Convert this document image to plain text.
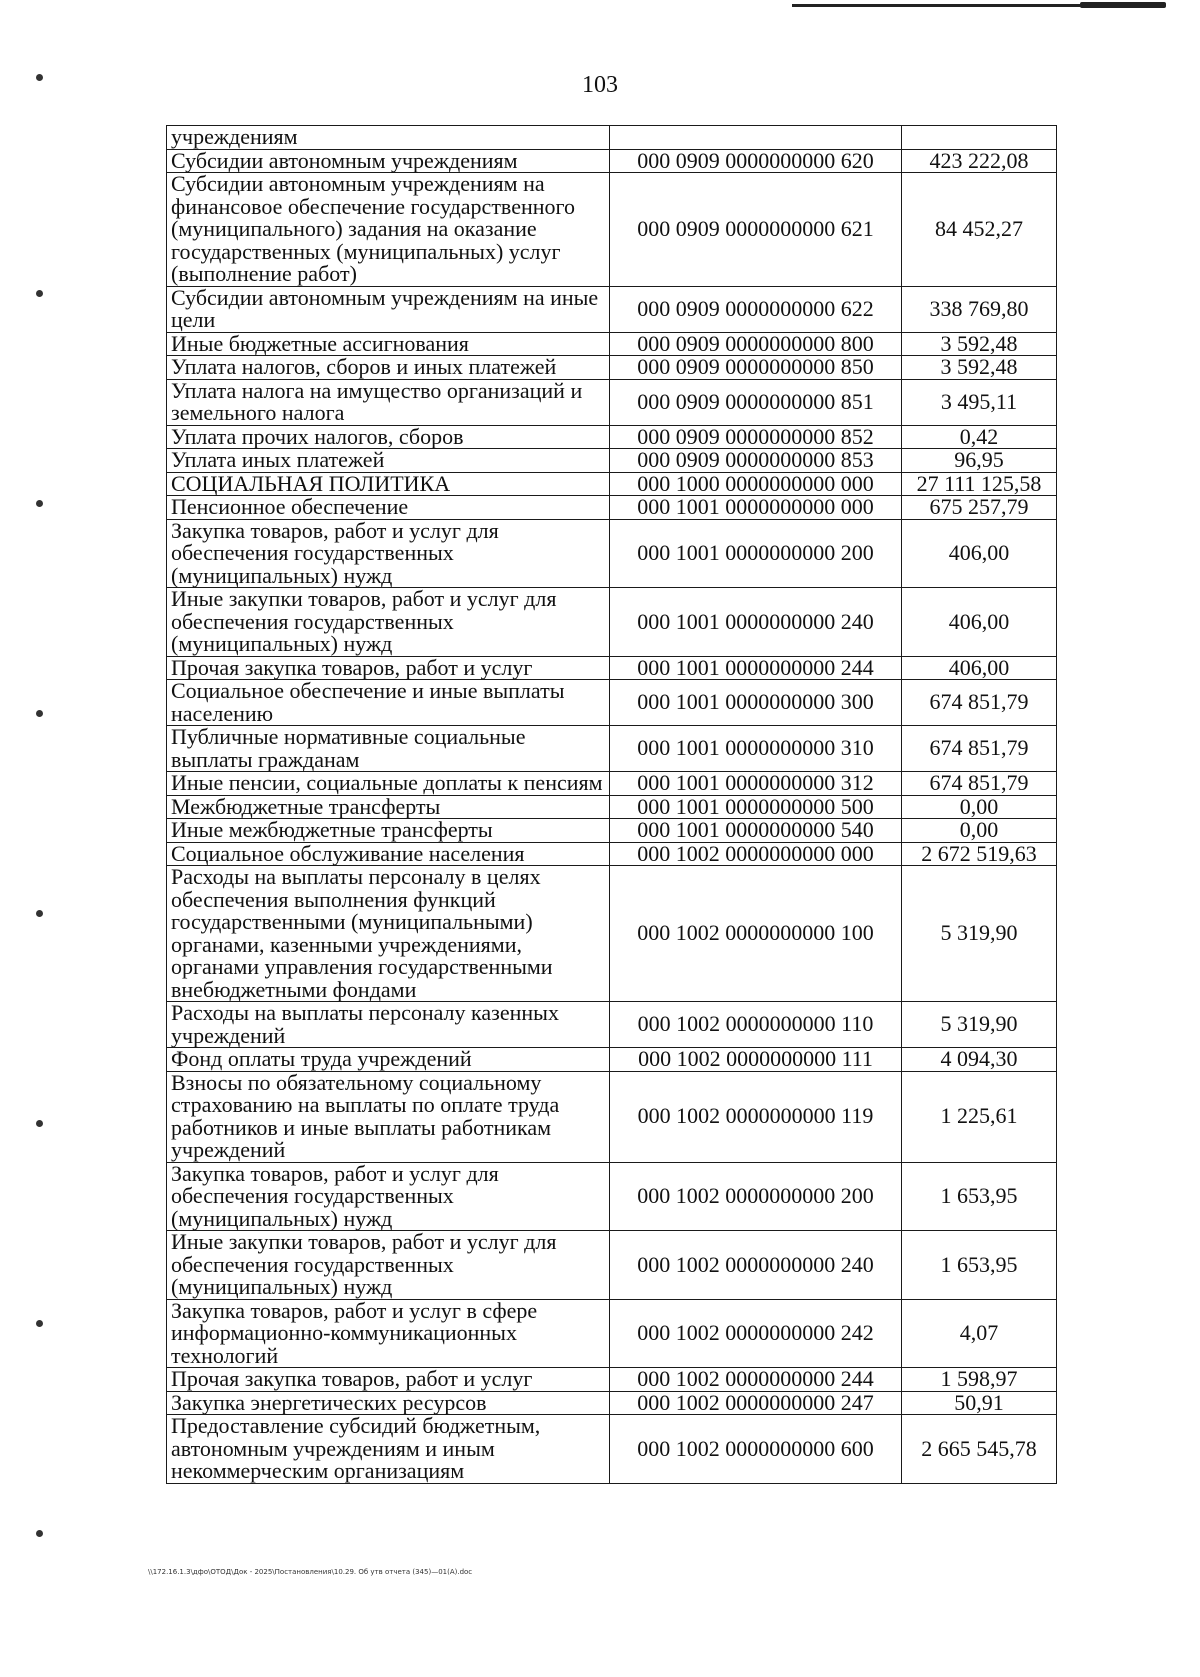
103
учреждениям		
Субсидии автономным учреждениям	000 0909 0000000000 620	423 222,08
Субсидии автономным учреждениям на финансовое обеспечение государственного (муниципального) задания на оказание государственных (муниципальных) услуг (выполнение работ)	000 0909 0000000000 621	84 452,27
Субсидии автономным учреждениям на иные цели	000 0909 0000000000 622	338 769,80
Иные бюджетные ассигнования	000 0909 0000000000 800	3 592,48
Уплата налогов, сборов и иных платежей	000 0909 0000000000 850	3 592,48
Уплата налога на имущество организаций и земельного налога	000 0909 0000000000 851	3 495,11
Уплата прочих налогов, сборов	000 0909 0000000000 852	0,42
Уплата иных платежей	000 0909 0000000000 853	96,95
СОЦИАЛЬНАЯ ПОЛИТИКА	000 1000 0000000000 000	27 111 125,58
Пенсионное обеспечение	000 1001 0000000000 000	675 257,79
Закупка товаров, работ и услуг для обеспечения государственных (муниципальных) нужд	000 1001 0000000000 200	406,00
Иные закупки товаров, работ и услуг для обеспечения государственных (муниципальных) нужд	000 1001 0000000000 240	406,00
Прочая закупка товаров, работ и услуг	000 1001 0000000000 244	406,00
Социальное обеспечение и иные выплаты населению	000 1001 0000000000 300	674 851,79
Публичные нормативные социальные выплаты гражданам	000 1001 0000000000 310	674 851,79
Иные пенсии, социальные доплаты к пенсиям	000 1001 0000000000 312	674 851,79
Межбюджетные трансферты	000 1001 0000000000 500	0,00
Иные межбюджетные трансферты	000 1001 0000000000 540	0,00
Социальное обслуживание населения	000 1002 0000000000 000	2 672 519,63
Расходы на выплаты персоналу в целях обеспечения выполнения функций государственными (муниципальными) органами, казенными учреждениями, органами управления государственными внебюджетными фондами	000 1002 0000000000 100	5 319,90
Расходы на выплаты персоналу казенных учреждений	000 1002 0000000000 110	5 319,90
Фонд оплаты труда учреждений	000 1002 0000000000 111	4 094,30
Взносы по обязательному социальному страхованию на выплаты по оплате труда работников и иные выплаты работникам учреждений	000 1002 0000000000 119	1 225,61
Закупка товаров, работ и услуг для обеспечения государственных (муниципальных) нужд	000 1002 0000000000 200	1 653,95
Иные закупки товаров, работ и услуг для обеспечения государственных (муниципальных) нужд	000 1002 0000000000 240	1 653,95
Закупка товаров, работ и услуг в сфере информационно-коммуникационных технологий	000 1002 0000000000 242	4,07
Прочая закупка товаров, работ и услуг	000 1002 0000000000 244	1 598,97
Закупка энергетических ресурсов	000 1002 0000000000 247	50,91
Предоставление субсидий бюджетным, автономным учреждениям и иным некоммерческим организациям	000 1002 0000000000 600	2 665 545,78
\\172.16.1.3\дфо\ОТОД\Док - 2025\Постановления\10.29. Об утв отчета (345)—01(А).doc
